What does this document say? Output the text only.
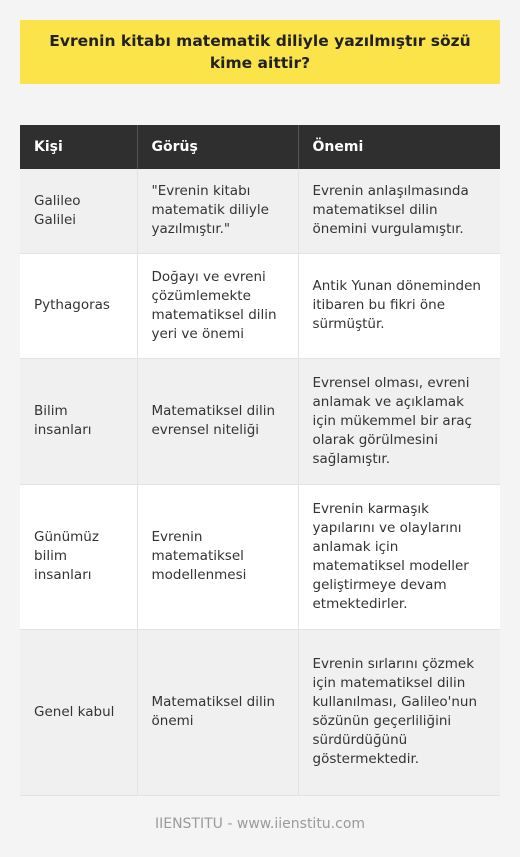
Evrenin kitabı matematik diliyle yazılmıştır sözü kime aittir?
Kişi	Görüş	Önemi
Galileo Galilei	"Evrenin kitabı matematik diliyle yazılmıştır."	Evrenin anlaşılmasında matematiksel dilin önemini vurgulamıştır.
Pythagoras	Doğayı ve evreni çözümlemekte matematiksel dilin yeri ve önemi	Antik Yunan döneminden itibaren bu fikri öne sürmüştür.
Bilim insanları	Matematiksel dilin evrensel niteliği	Evrensel olması, evreni anlamak ve açıklamak için mükemmel bir araç olarak görülmesini sağlamıştır.
Günümüz bilim insanları	Evrenin matematiksel modellenmesi	Evrenin karmaşık yapılarını ve olaylarını anlamak için matematiksel modeller geliştirmeye devam etmektedirler.
Genel kabul	Matematiksel dilin önemi	Evrenin sırlarını çözmek için matematiksel dilin kullanılması, Galileo'nun sözünün geçerliliğini sürdürdüğünü göstermektedir.
IIENSTITU - www.iienstitu.com
